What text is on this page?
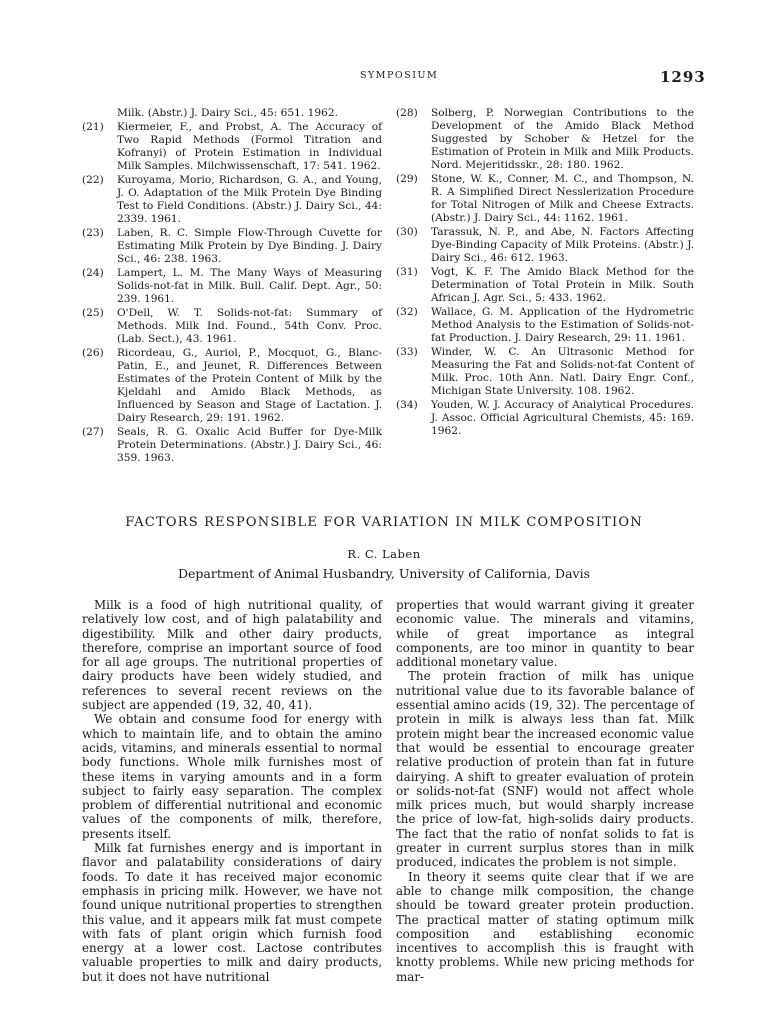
SYMPOSIUM	1293
Milk. (Abstr.) J. Dairy Sci., 45: 651. 1962.
(21) Kiermeier, F., and Probst, A. The Accuracy of Two Rapid Methods (Formol Titration and Kofranyi) of Protein Estimation in Individual Milk Samples. Milchwissenschaft, 17: 541. 1962.
(22) Kuroyama, Morio, Richardson, G. A., and Young, J. O. Adaptation of the Milk Protein Dye Binding Test to Field Conditions. (Abstr.) J. Dairy Sci., 44: 2339. 1961.
(23) Laben, R. C. Simple Flow-Through Cuvette for Estimating Milk Protein by Dye Binding. J. Dairy Sci., 46: 238. 1963.
(24) Lampert, L. M. The Many Ways of Measuring Solids-not-fat in Milk. Bull. Calif. Dept. Agr., 50: 239. 1961.
(25) O'Dell, W. T. Solids-not-fat: Summary of Methods. Milk Ind. Found., 54th Conv. Proc. (Lab. Sect.), 43. 1961.
(26) Ricordeau, G., Auriol, P., Mocquot, G., Blanc-Patin, E., and Jeunet, R. Differences Between Estimates of the Protein Content of Milk by the Kjeldahl and Amido Black Methods, as Influenced by Season and Stage of Lactation. J. Dairy Research, 29: 191. 1962.
(27) Seals, R. G. Oxalic Acid Buffer for Dye-Milk Protein Determinations. (Abstr.) J. Dairy Sci., 46: 359. 1963.
(28) Solberg, P. Norwegian Contributions to the Development of the Amido Black Method Suggested by Schober & Hetzel for the Estimation of Protein in Milk and Milk Products. Nord. Mejeritidsskr., 28: 180. 1962.
(29) Stone, W. K., Conner, M. C., and Thompson, N. R. A Simplified Direct Nesslerization Procedure for Total Nitrogen of Milk and Cheese Extracts. (Abstr.) J. Dairy Sci., 44: 1162. 1961.
(30) Tarassuk, N. P., and Abe, N. Factors Affecting Dye-Binding Capacity of Milk Proteins. (Abstr.) J. Dairy Sci., 46: 612. 1963.
(31) Vogt, K. F. The Amido Black Method for the Determination of Total Protein in Milk. South African J. Agr. Sci., 5: 433. 1962.
(32) Wallace, G. M. Application of the Hydrometric Method Analysis to the Estimation of Solids-not-fat Production. J. Dairy Research, 29: 11. 1961.
(33) Winder, W. C. An Ultrasonic Method for Measuring the Fat and Solids-not-fat Content of Milk. Proc. 10th Ann. Natl. Dairy Engr. Conf., Michigan State University. 108. 1962.
(34) Youden, W. J. Accuracy of Analytical Procedures. J. Assoc. Official Agricultural Chemists, 45: 169. 1962.
FACTORS RESPONSIBLE FOR VARIATION IN MILK COMPOSITION
R. C. Laben
Department of Animal Husbandry, University of California, Davis

Milk is a food of high nutritional quality, of relatively low cost, and of high palatability and digestibility. Milk and other dairy products, therefore, comprise an important source of food for all age groups. The nutritional properties of dairy products have been widely studied, and references to several recent reviews on the subject are appended (19, 32, 40, 41).

We obtain and consume food for energy with which to maintain life, and to obtain the amino acids, vitamins, and minerals essential to normal body functions. Whole milk furnishes most of these items in varying amounts and in a form subject to fairly easy separation. The complex problem of differential nutritional and economic values of the components of milk, therefore, presents itself.

Milk fat furnishes energy and is important in flavor and palatability considerations of dairy foods. To date it has received major economic emphasis in pricing milk. However, we have not found unique nutritional properties to strengthen this value, and it appears milk fat must compete with fats of plant origin which furnish food energy at a lower cost. Lactose contributes valuable properties to milk and dairy products, but it does not have nutritional

properties that would warrant giving it greater economic value. The minerals and vitamins, while of great importance as integral components, are too minor in quantity to bear additional monetary value.

The protein fraction of milk has unique nutritional value due to its favorable balance of essential amino acids (19, 32). The percentage of protein in milk is always less than fat. Milk protein might bear the increased economic value that would be essential to encourage greater relative production of protein than fat in future dairying. A shift to greater evaluation of protein or solids-not-fat (SNF) would not affect whole milk prices much, but would sharply increase the price of low-fat, high-solids dairy products. The fact that the ratio of nonfat solids to fat is greater in current surplus stores than in milk produced, indicates the problem is not simple.

In theory it seems quite clear that if we are able to change milk composition, the change should be toward greater protein production. The practical matter of stating optimum milk composition and establishing economic incentives to accomplish this is fraught with knotty problems. While new pricing methods for mar-
